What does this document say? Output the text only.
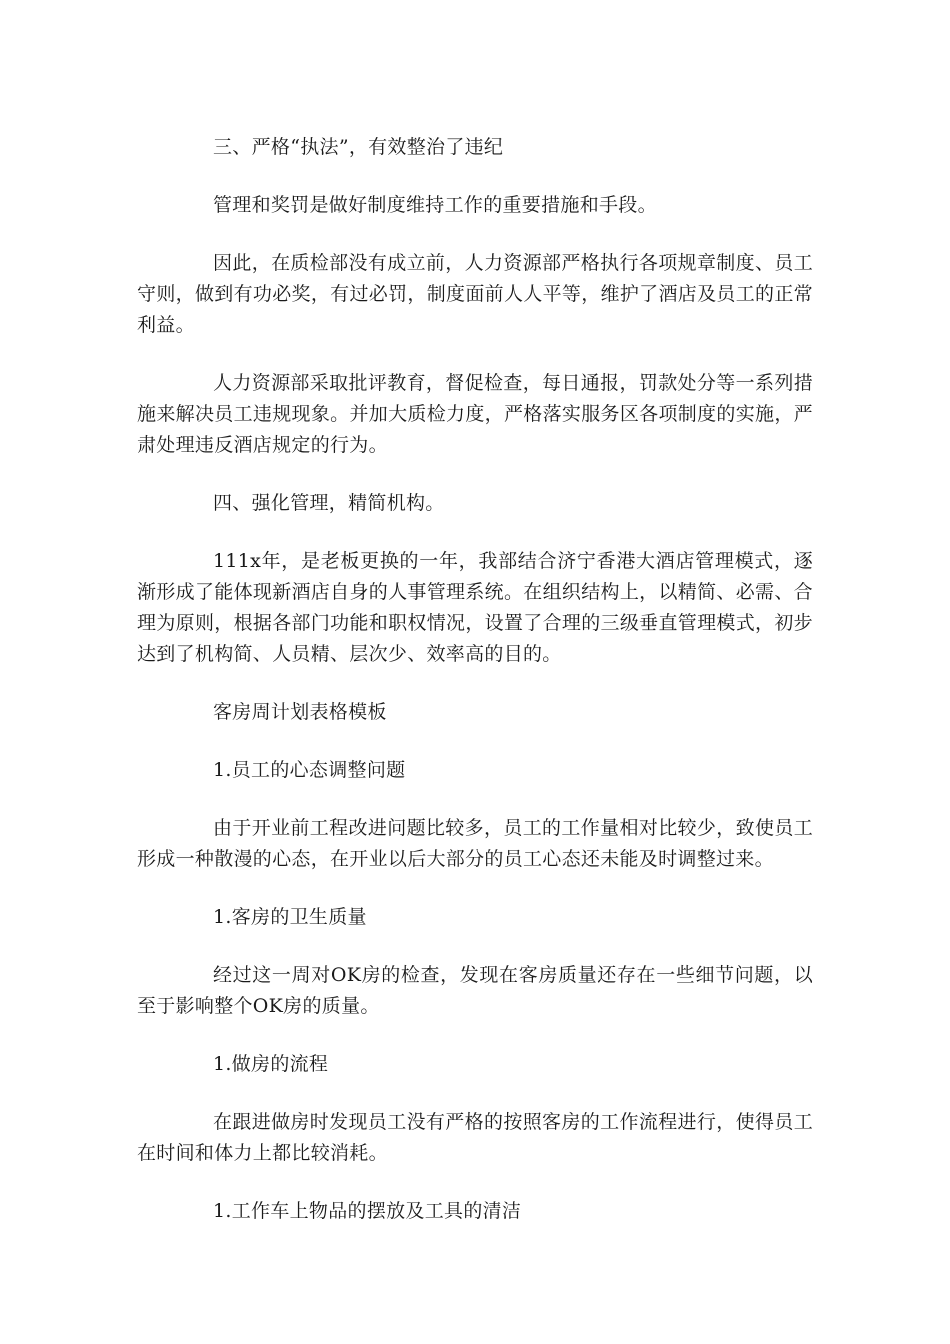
三、严格“执法”，有效整治了违纪

管理和奖罚是做好制度维持工作的重要措施和手段。

因此，在质检部没有成立前，人力资源部严格执行各项规章制度、员工守则，做到有功必奖，有过必罚，制度面前人人平等，维护了酒店及员工的正常利益。

人力资源部采取批评教育，督促检查，每日通报，罚款处分等一系列措施来解决员工违规现象。并加大质检力度，严格落实服务区各项制度的实施，严肃处理违反酒店规定的行为。

四、强化管理，精简机构。

111x年，是老板更换的一年，我部结合济宁香港大酒店管理模式，逐渐形成了能体现新酒店自身的人事管理系统。在组织结构上，以精简、必需、合理为原则，根据各部门功能和职权情况，设置了合理的三级垂直管理模式，初步达到了机构简、人员精、层次少、效率高的目的。

客房周计划表格模板

1.员工的心态调整问题

由于开业前工程改进问题比较多，员工的工作量相对比较少，致使员工形成一种散漫的心态，在开业以后大部分的员工心态还未能及时调整过来。

1.客房的卫生质量

经过这一周对OK房的检查，发现在客房质量还存在一些细节问题，以至于影响整个OK房的质量。

1.做房的流程

在跟进做房时发现员工没有严格的按照客房的工作流程进行，使得员工在时间和体力上都比较消耗。

1.工作车上物品的摆放及工具的清洁
